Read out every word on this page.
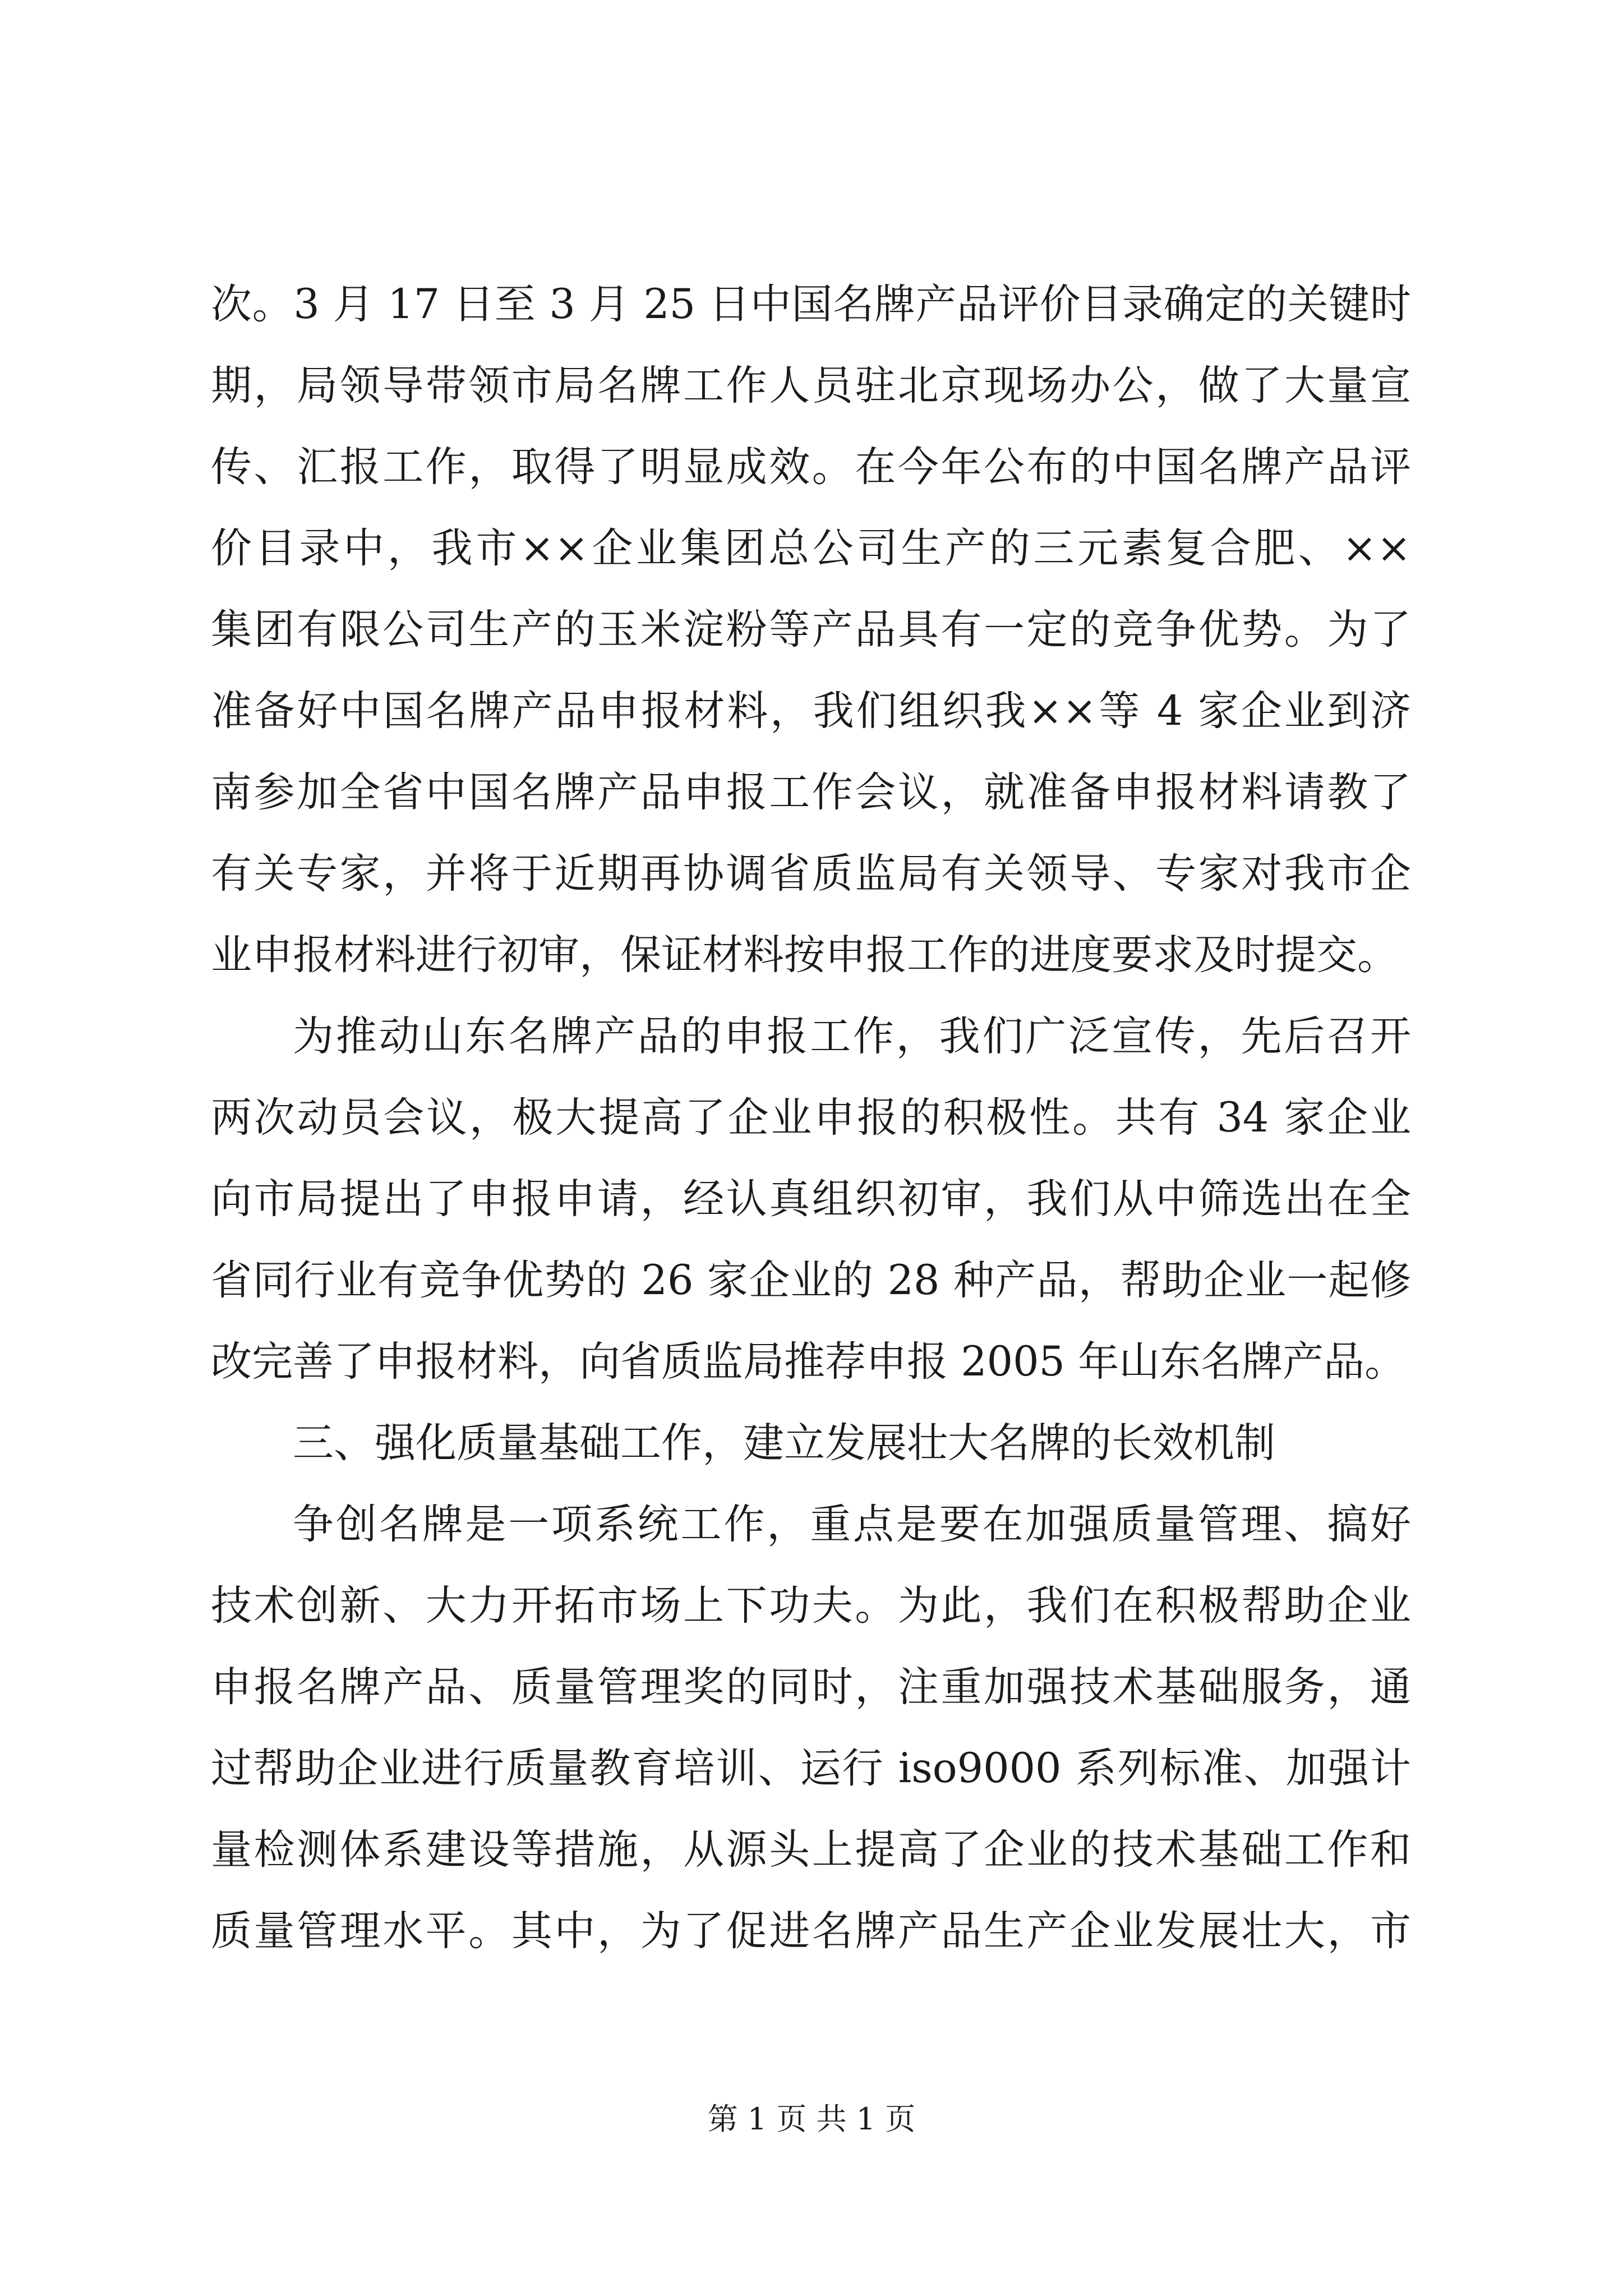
次。3 月 17 日至 3 月 25 日中国名牌产品评价目录确定的关键时
期，局领导带领市局名牌工作人员驻北京现场办公，做了大量宣
传、汇报工作，取得了明显成效。在今年公布的中国名牌产品评
价目录中，我市××企业集团总公司生产的三元素复合肥、××
集团有限公司生产的玉米淀粉等产品具有一定的竞争优势。为了
准备好中国名牌产品申报材料，我们组织我××等 4 家企业到济
南参加全省中国名牌产品申报工作会议，就准备申报材料请教了
有关专家，并将于近期再协调省质监局有关领导、专家对我市企
业申报材料进行初审，保证材料按申报工作的进度要求及时提交。
为推动山东名牌产品的申报工作，我们广泛宣传，先后召开
两次动员会议，极大提高了企业申报的积极性。共有 34 家企业
向市局提出了申报申请，经认真组织初审，我们从中筛选出在全
省同行业有竞争优势的 26 家企业的 28 种产品，帮助企业一起修
改完善了申报材料，向省质监局推荐申报 2005 年山东名牌产品。
三、强化质量基础工作，建立发展壮大名牌的长效机制
争创名牌是一项系统工作，重点是要在加强质量管理、搞好
技术创新、大力开拓市场上下功夫。为此，我们在积极帮助企业
申报名牌产品、质量管理奖的同时，注重加强技术基础服务，通
过帮助企业进行质量教育培训、运行 iso9000 系列标准、加强计
量检测体系建设等措施，从源头上提高了企业的技术基础工作和
质量管理水平。其中，为了促进名牌产品生产企业发展壮大，市
第 1 页 共 1 页
